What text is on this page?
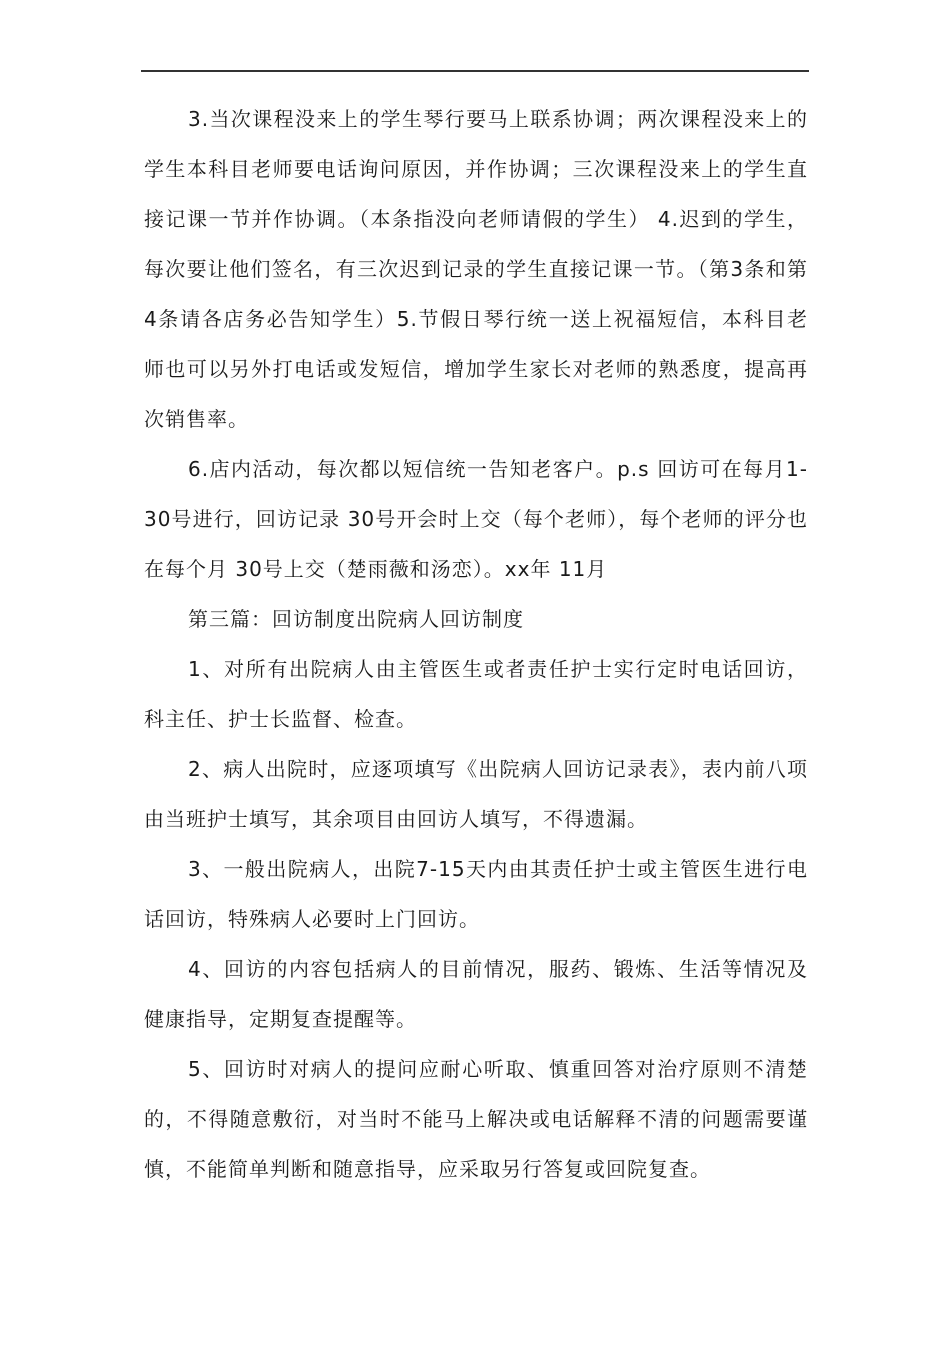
3.当次课程没来上的学生琴行要马上联系协调；两次课程没来上的学生本科目老师要电话询问原因，并作协调；三次课程没来上的学生直接记课一节并作协调。（本条指没向老师请假的学生） 4.迟到的学生，每次要让他们签名，有三次迟到记录的学生直接记课一节。（第3条和第 4条请各店务必告知学生）5.节假日琴行统一送上祝福短信，本科目老师也可以另外打电话或发短信，增加学生家长对老师的熟悉度，提高再次销售率。

6.店内活动，每次都以短信统一告知老客户。p.s 回访可在每月1-30号进行，回访记录 30号开会时上交（每个老师），每个老师的评分也在每个月 30号上交（楚雨薇和汤恋）。xx年 11月

第三篇：回访制度出院病人回访制度

1、对所有出院病人由主管医生或者责任护士实行定时电话回访，科主任、护士长监督、检查。

2、病人出院时，应逐项填写《出院病人回访记录表》，表内前八项由当班护士填写，其余项目由回访人填写，不得遗漏。

3、一般出院病人，出院7-15天内由其责任护士或主管医生进行电话回访，特殊病人必要时上门回访。

4、回访的内容包括病人的目前情况，服药、锻炼、生活等情况及健康指导，定期复查提醒等。

5、回访时对病人的提问应耐心听取、慎重回答对治疗原则不清楚的，不得随意敷衍，对当时不能马上解决或电话解释不清的问题需要谨慎，不能简单判断和随意指导，应采取另行答复或回院复查。
